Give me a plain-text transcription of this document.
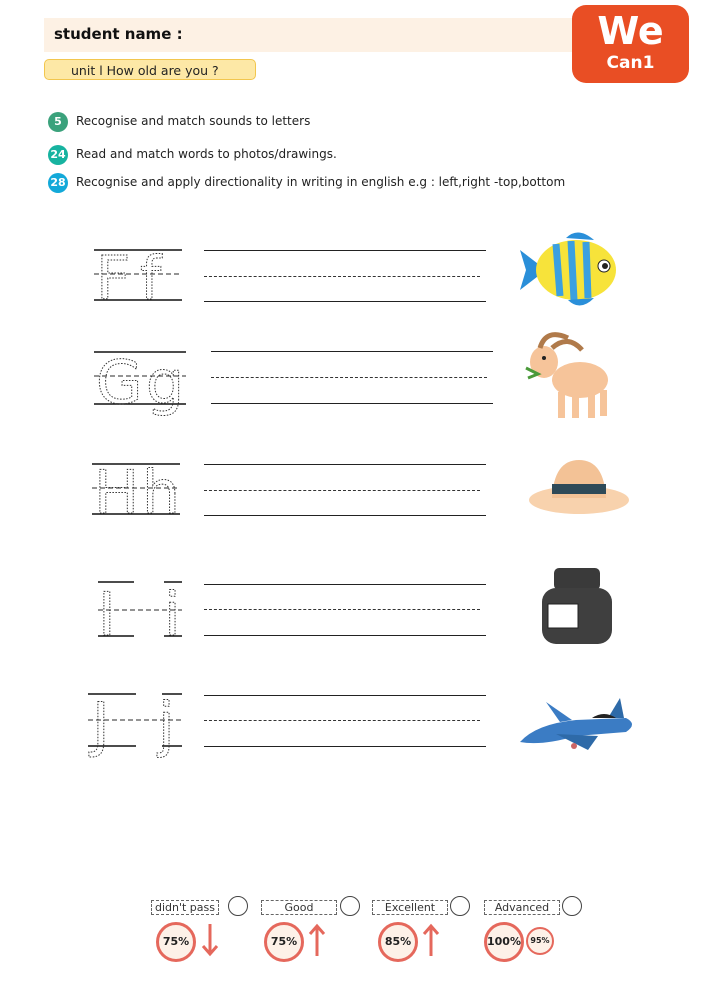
student name :
unit l How old are you ?
We
Can1
5	Recognise and match sounds to letters
24 Read and match words to photos/drawings.
28 Recognise and apply directionality in writing in english e.g : left,right -top,bottom
F f
G g
H h
I i
J j
didn't pass	Good	Excellent	Advanced
75%	75%	85%	100%	95%
